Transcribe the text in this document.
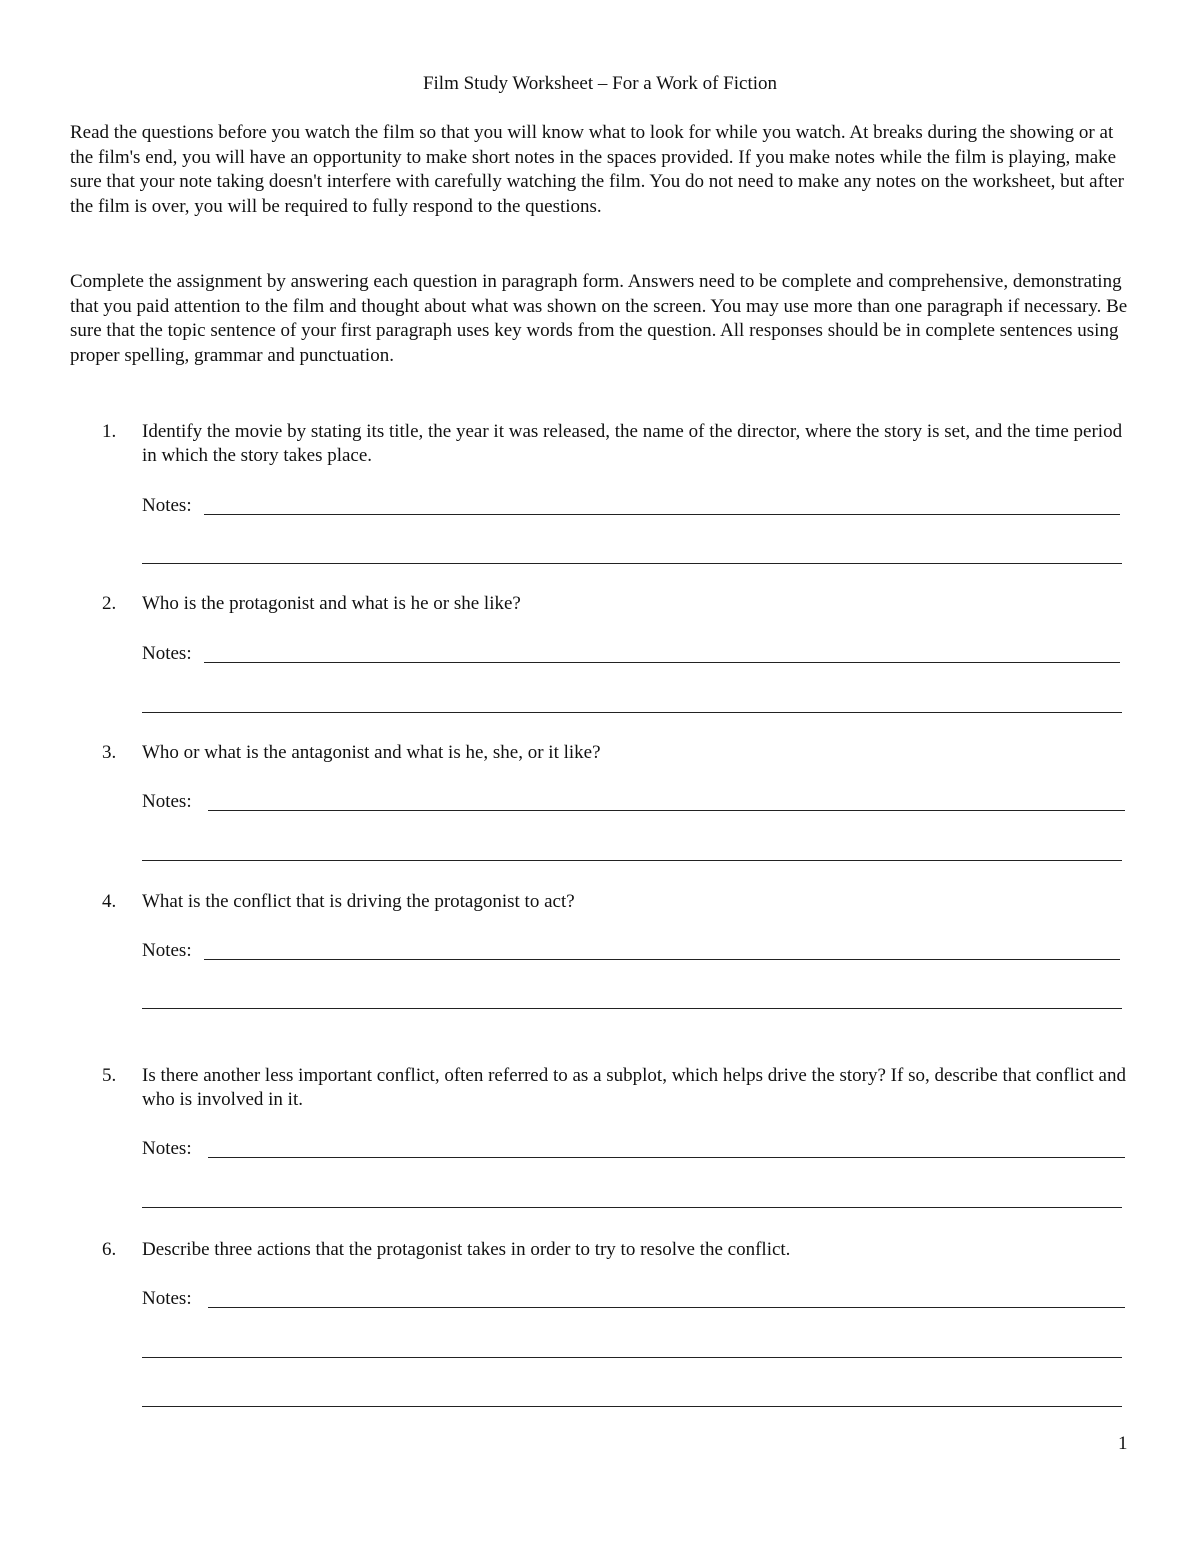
Film Study Worksheet – For a Work of Fiction

Read the questions before you watch the film so that you will know what to look for while you watch. At breaks during the showing or at the film's end, you will have an opportunity to make short notes in the spaces provided. If you make notes while the film is playing, make sure that your note taking doesn't interfere with carefully watching the film. You do not need to make any notes on the worksheet, but after the film is over, you will be required to fully respond to the questions.

Complete the assignment by answering each question in paragraph form. Answers need to be complete and comprehensive, demonstrating that you paid attention to the film and thought about what was shown on the screen. You may use more than one paragraph if necessary. Be sure that the topic sentence of your first paragraph uses key words from the question. All responses should be in complete sentences using proper spelling, grammar and punctuation.

1. Identify the movie by stating its title, the year it was released, the name of the director, where the story is set, and the time period in which the story takes place.
Notes:
2. Who is the protagonist and what is he or she like?
Notes:
3. Who or what is the antagonist and what is he, she, or it like?
Notes:
4. What is the conflict that is driving the protagonist to act?
Notes:
5. Is there another less important conflict, often referred to as a subplot, which helps drive the story? If so, describe that conflict and who is involved in it.
Notes:
6. Describe three actions that the protagonist takes in order to try to resolve the conflict.
Notes:
1
